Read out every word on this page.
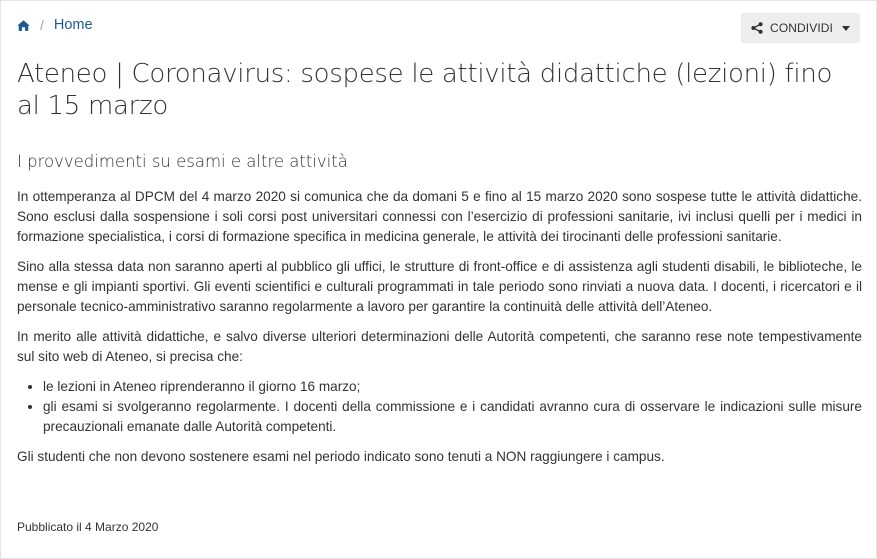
/ Home	CONDIVIDI
Ateneo | Coronavirus: sospese le attività didattiche (lezioni) fino al 15 marzo
I provvedimenti su esami e altre attività

In ottemperanza al DPCM del 4 marzo 2020 si comunica che da domani 5 e fino al 15 marzo 2020 sono sospese tutte le attività didattiche. Sono esclusi dalla sospensione i soli corsi post universitari connessi con l’esercizio di professioni sanitarie, ivi inclusi quelli per i medici in formazione specialistica, i corsi di formazione specifica in medicina generale, le attività dei tirocinanti delle professioni sanitarie.

Sino alla stessa data non saranno aperti al pubblico gli uffici, le strutture di front-office e di assistenza agli studenti disabili, le biblioteche, le mense e gli impianti sportivi. Gli eventi scientifici e culturali programmati in tale periodo sono rinviati a nuova data. I docenti, i ricercatori e il personale tecnico-amministrativo saranno regolarmente a lavoro per garantire la continuità delle attività dell’Ateneo.

In merito alle attività didattiche, e salvo diverse ulteriori determinazioni delle Autorità competenti, che saranno rese note tempestivamente sul sito web di Ateneo, si precisa che:

• le lezioni in Ateneo riprenderanno il giorno 16 marzo;
• gli esami si svolgeranno regolarmente. I docenti della commissione e i candidati avranno cura di osservare le indicazioni sulle misure precauzionali emanate dalle Autorità competenti.

Gli studenti che non devono sostenere esami nel periodo indicato sono tenuti a NON raggiungere i campus.

Pubblicato il 4 Marzo 2020
